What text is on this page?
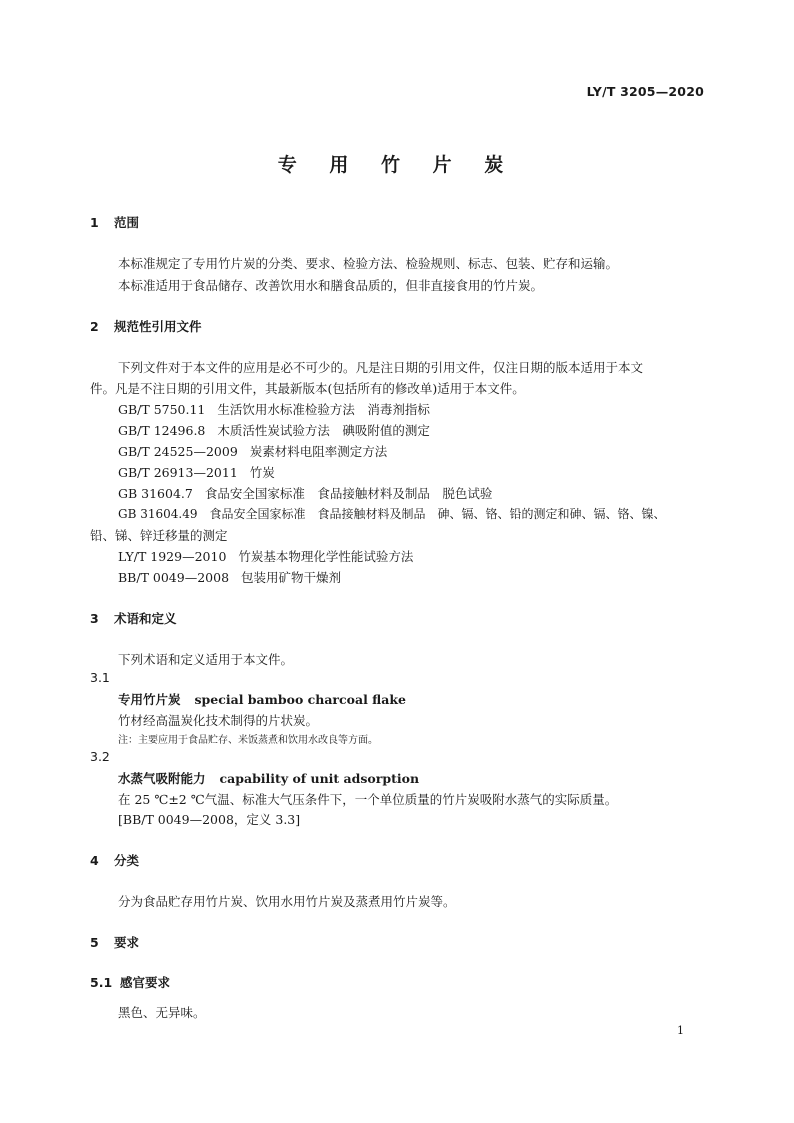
LY/T 3205—2020
专 用 竹 片 炭
1 范围
本标准规定了专用竹片炭的分类、要求、检验方法、检验规则、标志、包装、贮存和运输。
本标准适用于食品储存、改善饮用水和膳食品质的，但非直接食用的竹片炭。
2 规范性引用文件
下列文件对于本文件的应用是必不可少的。凡是注日期的引用文件，仅注日期的版本适用于本文
件。凡是不注日期的引用文件，其最新版本(包括所有的修改单)适用于本文件。
GB/T 5750.11 生活饮用水标准检验方法　消毒剂指标
GB/T 12496.8 木质活性炭试验方法　碘吸附值的测定
GB/T 24525—2009 炭素材料电阻率测定方法
GB/T 26913—2011 竹炭
GB 31604.7 食品安全国家标准　食品接触材料及制品　脱色试验
GB 31604.49 食品安全国家标准　食品接触材料及制品　砷、镉、铬、铅的测定和砷、镉、铬、镍、
铅、锑、锌迁移量的测定
LY/T 1929—2010 竹炭基本物理化学性能试验方法
BB/T 0049—2008 包装用矿物干燥剂
3 术语和定义
下列术语和定义适用于本文件。
3.1
专用竹片炭 special bamboo charcoal flake
竹材经高温炭化技术制得的片状炭。
注：主要应用于食品贮存、米饭蒸煮和饮用水改良等方面。
3.2
水蒸气吸附能力 capability of unit adsorption
在 25 ℃±2 ℃气温、标准大气压条件下，一个单位质量的竹片炭吸附水蒸气的实际质量。
[BB/T 0049—2008，定义 3.3]
4 分类
分为食品贮存用竹片炭、饮用水用竹片炭及蒸煮用竹片炭等。
5 要求
5.1 感官要求
黑色、无异味。
1
